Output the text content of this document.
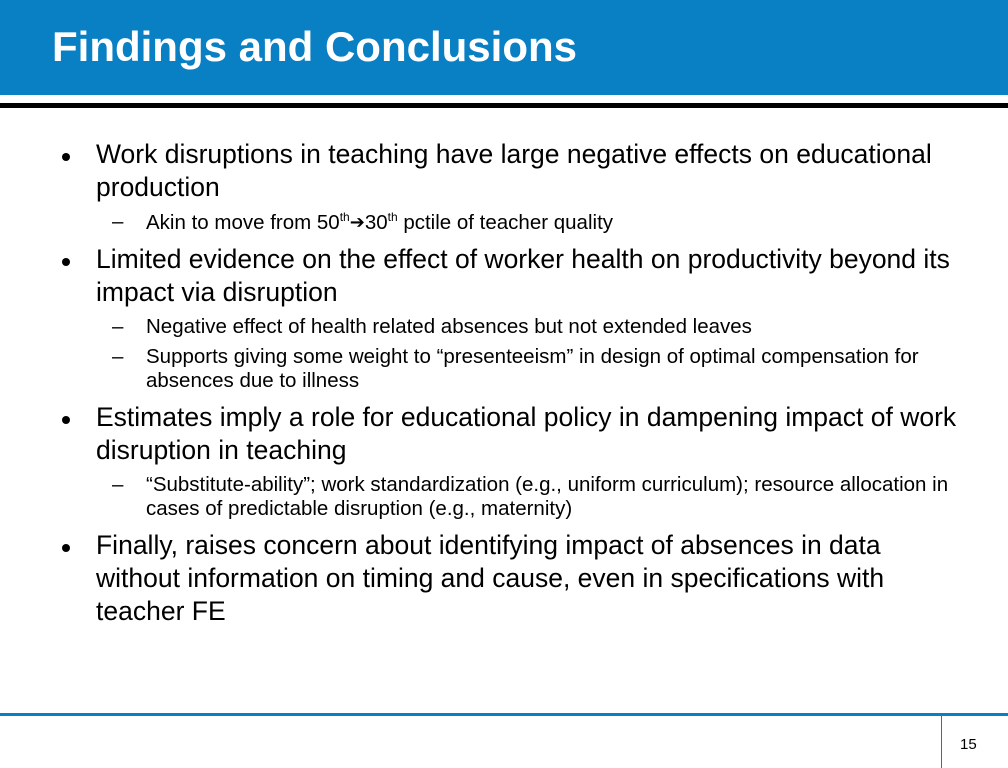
Findings and Conclusions
Work disruptions in teaching have large negative effects on educational production
– Akin to move from 50th➔30th pctile of teacher quality
Limited evidence on the effect of worker health on productivity beyond its impact via disruption
– Negative effect of health related absences but not extended leaves
– Supports giving some weight to “presenteeism” in design of optimal compensation for absences due to illness
Estimates imply a role for educational policy in dampening impact of work disruption in teaching
– “Substitute-ability”; work standardization (e.g., uniform curriculum); resource allocation in cases of predictable disruption (e.g., maternity)
Finally, raises concern about identifying impact of absences in data without information on timing and cause, even in specifications with teacher FE
15
